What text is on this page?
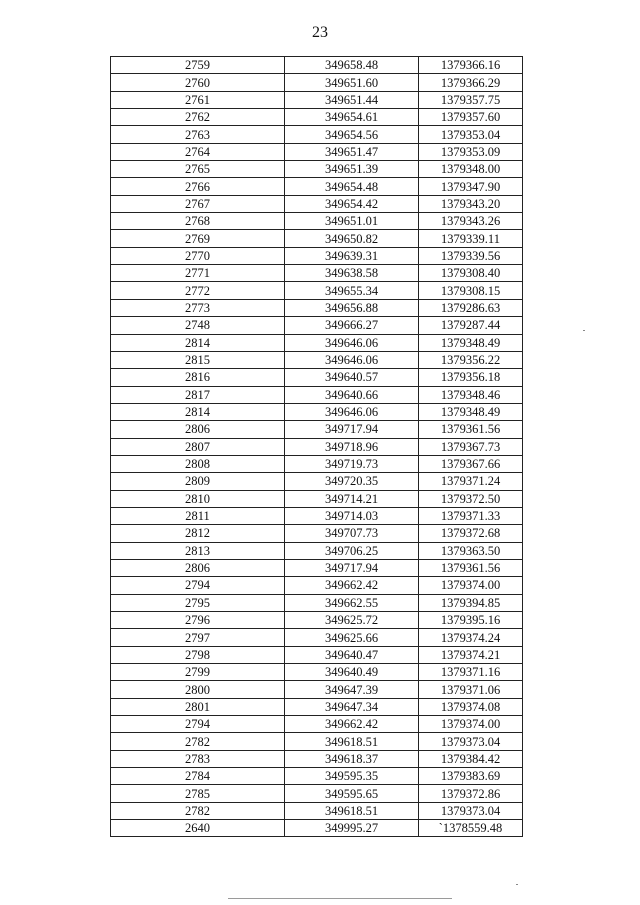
23
2759	349658.48	1379366.16
2760	349651.60	1379366.29
2761	349651.44	1379357.75
2762	349654.61	1379357.60
2763	349654.56	1379353.04
2764	349651.47	1379353.09
2765	349651.39	1379348.00
2766	349654.48	1379347.90
2767	349654.42	1379343.20
2768	349651.01	1379343.26
2769	349650.82	1379339.11
2770	349639.31	1379339.56
2771	349638.58	1379308.40
2772	349655.34	1379308.15
2773	349656.88	1379286.63
2748	349666.27	1379287.44
2814	349646.06	1379348.49
2815	349646.06	1379356.22
2816	349640.57	1379356.18
2817	349640.66	1379348.46
2814	349646.06	1379348.49
2806	349717.94	1379361.56
2807	349718.96	1379367.73
2808	349719.73	1379367.66
2809	349720.35	1379371.24
2810	349714.21	1379372.50
2811	349714.03	1379371.33
2812	349707.73	1379372.68
2813	349706.25	1379363.50
2806	349717.94	1379361.56
2794	349662.42	1379374.00
2795	349662.55	1379394.85
2796	349625.72	1379395.16
2797	349625.66	1379374.24
2798	349640.47	1379374.21
2799	349640.49	1379371.16
2800	349647.39	1379371.06
2801	349647.34	1379374.08
2794	349662.42	1379374.00
2782	349618.51	1379373.04
2783	349618.37	1379384.42
2784	349595.35	1379383.69
2785	349595.65	1379372.86
2782	349618.51	1379373.04
2640	349995.27	`1378559.48
